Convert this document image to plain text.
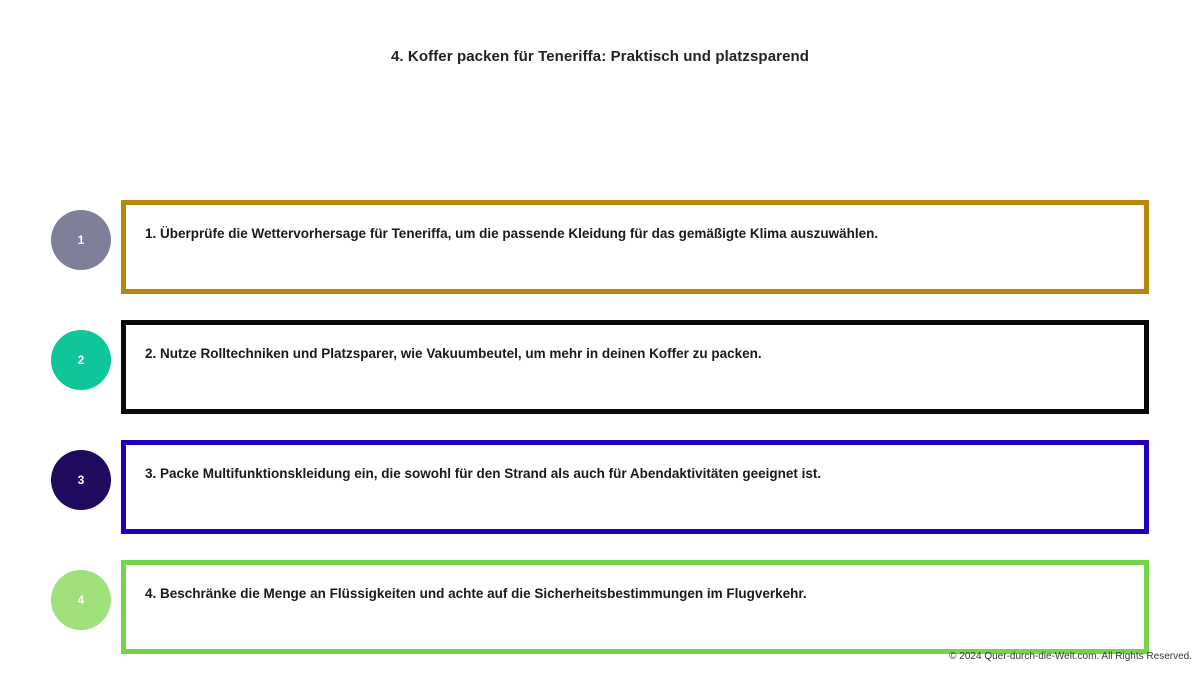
4. Koffer packen für Teneriffa: Praktisch und platzsparend
1	1. Überprüfe die Wettervorhersage für Teneriffa, um die passende Kleidung für das gemäßigte Klima auszuwählen.
2	2. Nutze Rolltechniken und Platzsparer, wie Vakuumbeutel, um mehr in deinen Koffer zu packen.
3	3. Packe Multifunktionskleidung ein, die sowohl für den Strand als auch für Abendaktivitäten geeignet ist.
4	4. Beschränke die Menge an Flüssigkeiten und achte auf die Sicherheitsbestimmungen im Flugverkehr.
© 2024 Quer-durch-die-Welt.com. All Rights Reserved.
